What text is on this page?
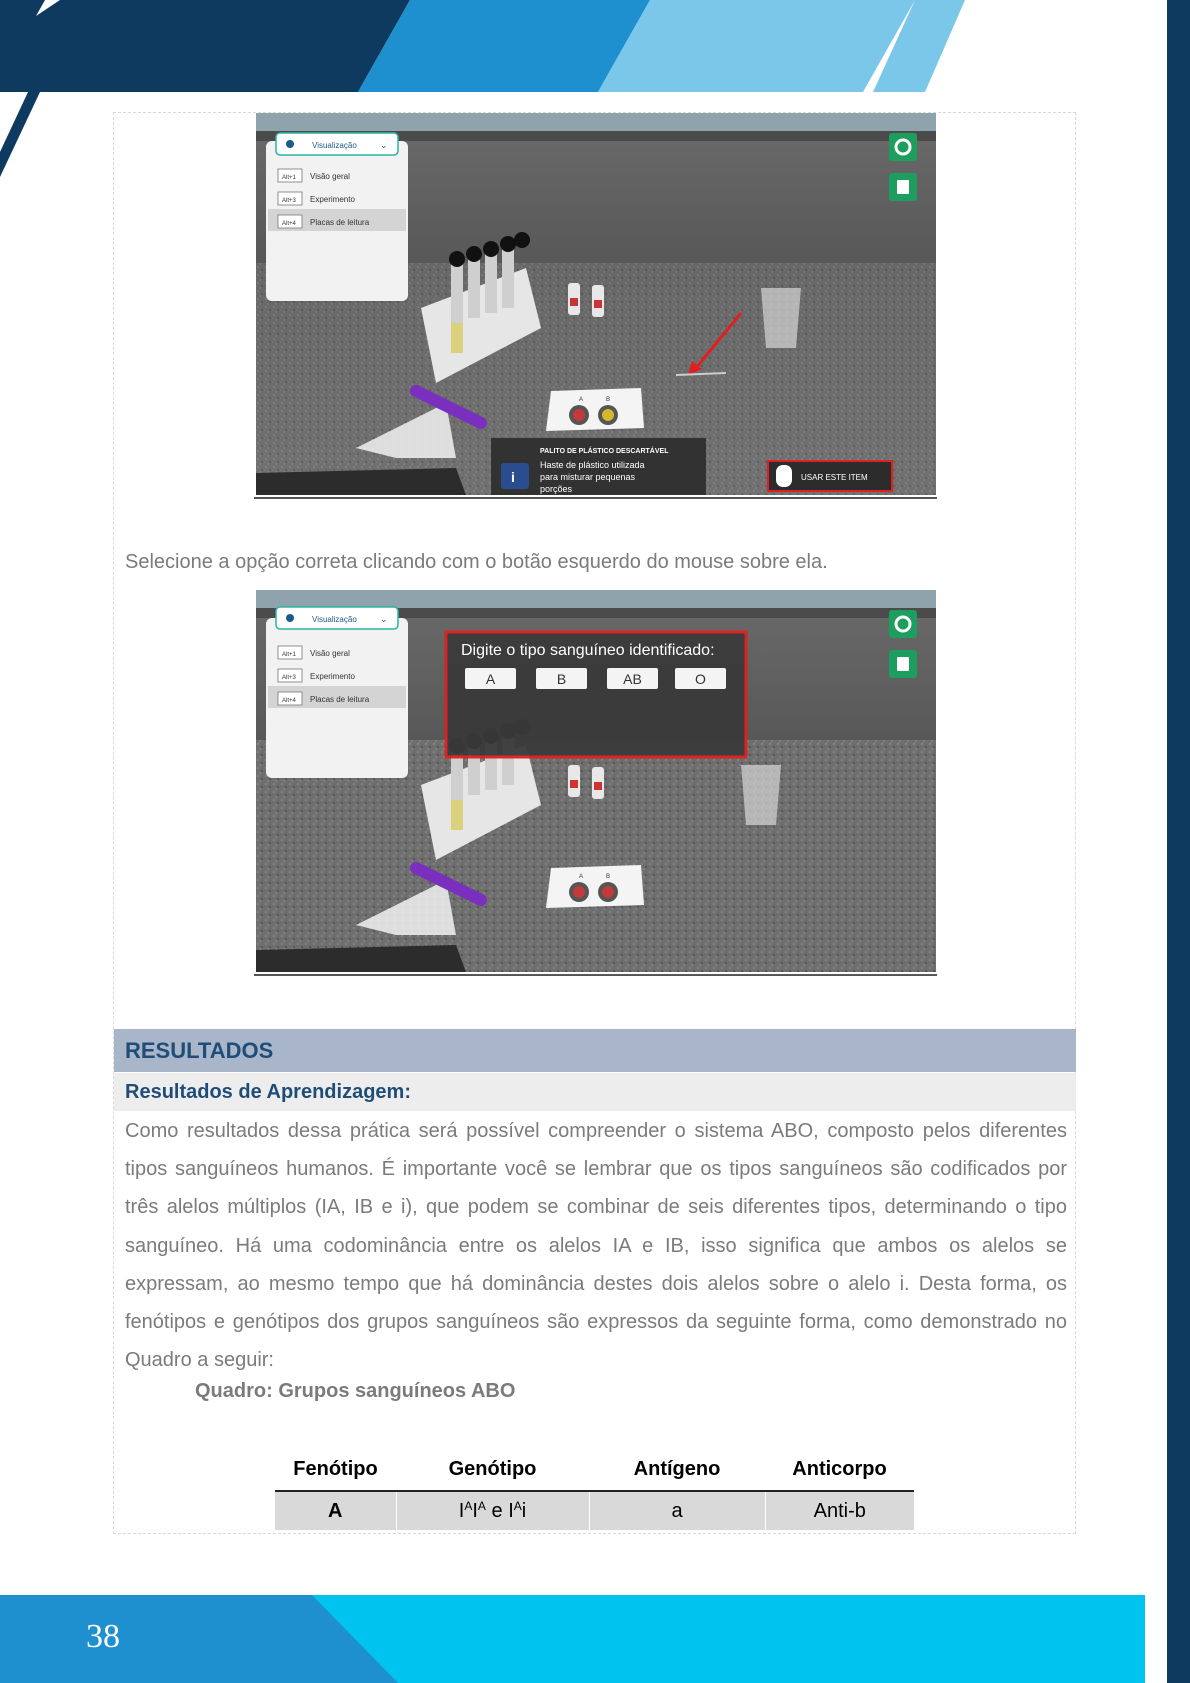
A	B
Visualização	⌄
Alt+1
Alt+3
Alt+4
Visão geral
Experimento
Placas de leitura
i
PALITO DE PLÁSTICO DESCARTÁVEL
Haste de plástico utilizada
para misturar pequenas
porções
USAR ESTE ITEM
Selecione a opção correta clicando com o botão esquerdo do mouse sobre ela.
A	B
Digite o tipo sanguíneo identificado:
A	B	AB	O
Visualização	⌄
Alt+1
Alt+3
Alt+4
Visão geral
Experimento
Placas de leitura
RESULTADOS
Resultados de Aprendizagem:
Como resultados dessa prática será possível compreender o sistema ABO, composto pelos diferentes tipos sanguíneos humanos. É importante você se lembrar que os tipos sanguíneos são codificados por três alelos múltiplos (IA, IB e i), que podem se combinar de seis diferentes tipos, determinando o tipo sanguíneo. Há uma codominância entre os alelos IA e IB, isso significa que ambos os alelos se expressam, ao mesmo tempo que há dominância destes dois alelos sobre o alelo i. Desta forma, os fenótipos e genótipos dos grupos sanguíneos são expressos da seguinte forma, como demonstrado no Quadro a seguir:
Quadro: Grupos sanguíneos ABO
Fenótipo	Genótipo	Antígeno	Anticorpo
A	$I^AI^A$ e $I^Ai$	a	Anti-b
38
